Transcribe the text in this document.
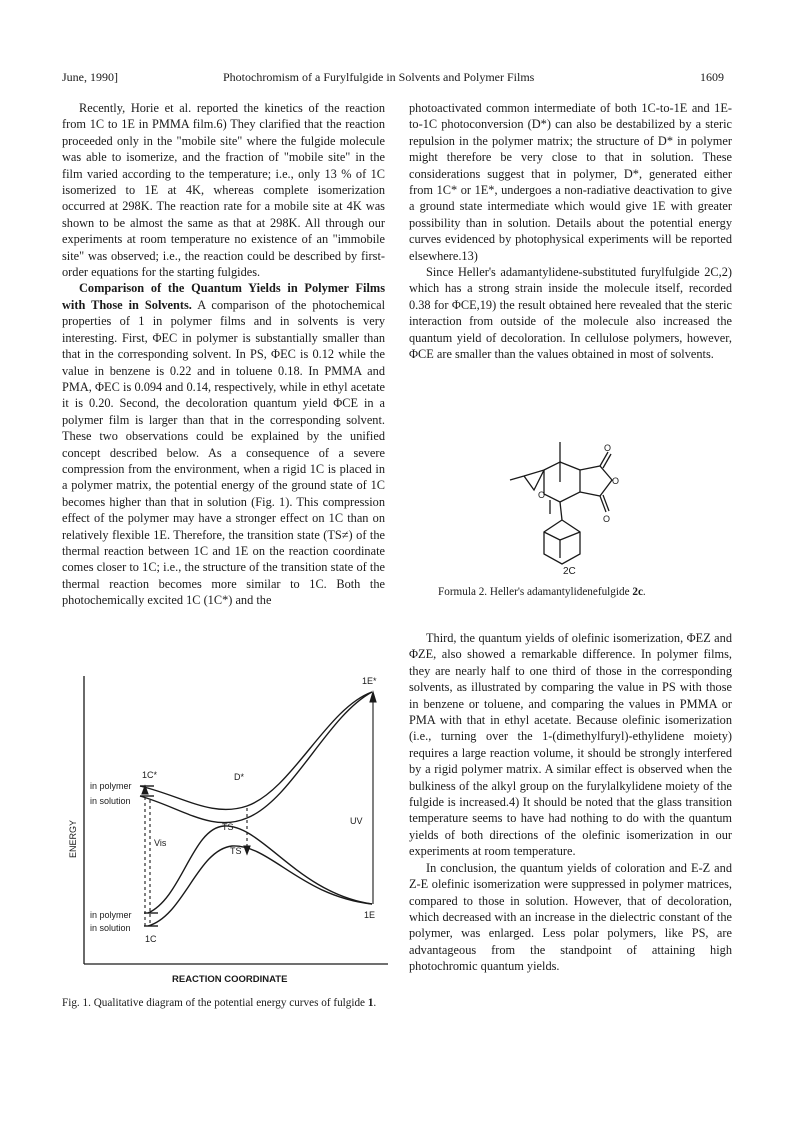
June, 1990]	Photochromism of a Furylfulgide in Solvents and Polymer Films	1609

Recently, Horie et al. reported the kinetics of the reaction from 1C to 1E in PMMA film.6) They clarified that the reaction proceeded only in the "mobile site" where the fulgide molecule was able to isomerize, and the fraction of "mobile site" in the film varied according to the temperature; i.e., only 13 % of 1C isomerized to 1E at 4K, whereas complete isomerization occurred at 298K. The reaction rate for a mobile site at 4K was shown to be almost the same as that at 298K. All through our experiments at room temperature no existence of an "immobile site" was observed; i.e., the reaction could be described by first-order equations for the starting fulgides.

Comparison of the Quantum Yields in Polymer Films with Those in Solvents. A comparison of the photochemical properties of 1 in polymer films and in solvents is very interesting. First, ΦEC in polymer is substantially smaller than that in the corresponding solvent. In PS, ΦEC is 0.12 while the value in benzene is 0.22 and in toluene 0.18. In PMMA and PMA, ΦEC is 0.094 and 0.14, respectively, while in ethyl acetate it is 0.20. Second, the decoloration quantum yield ΦCE in a polymer film is larger than that in the corresponding solvent. These two observations could be explained by the unified concept described below. As a consequence of a severe compression from the environment, when a rigid 1C is placed in a polymer matrix, the potential energy of the ground state of 1C becomes higher than that in solution (Fig. 1). This compression effect of the polymer may have a stronger effect on 1C than on relatively flexible 1E. Therefore, the transition state (TS≠) of the thermal reaction between 1C and 1E on the reaction coordinate comes closer to 1C; i.e., the structure of the transition state of the thermal reaction becomes more similar to 1C. Both the photochemically excited 1C (1C*) and the

photoactivated common intermediate of both 1C-to-1E and 1E-to-1C photoconversion (D*) can also be destabilized by a steric repulsion in the polymer matrix; the structure of D* in polymer might therefore be very close to that in solution. These considerations suggest that in polymer, D*, generated either from 1C* or 1E*, undergoes a non-radiative deactivation to give a ground state intermediate which would give 1E with greater possibility than in solution. Details about the potential energy curves evidenced by photophysical experiments will be reported elsewhere.13)

Since Heller's adamantylidene-substituted furylfulgide 2C,2) which has a strong strain inside the molecule itself, recorded 0.38 for ΦCE,19) the result obtained here revealed that the steric interaction from outside of the molecule also increased the quantum yield of decoloration. In cellulose polymers, however, ΦCE are smaller than the values obtained in most of solvents.

O
O
O
O
2C
Formula 2. Heller's adamantylidenefulgide 2c.

Third, the quantum yields of olefinic isomerization, ΦEZ and ΦZE, also showed a remarkable difference. In polymer films, they are nearly half to one third of those in the corresponding solvents, as illustrated by comparing the value in PS with those in benzene or toluene, and comparing the values in PMMA or PMA with that in ethyl acetate. Because olefinic isomerization (i.e., turning over the 1-(dimethylfuryl)-ethylidene moiety) requires a large reaction volume, it should be strongly interfered by a rigid polymer matrix. A similar effect is observed when the bulkiness of the alkyl group on the furylalkylidene moiety of the fulgide is increased.4) It should be noted that the glass transition temperature seems to have had nothing to do with the quantum yields of both directions of the olefinic isomerization in our experiments at room temperature.

In conclusion, the quantum yields of coloration and E-Z and Z-E olefinic isomerization were suppressed in polymer matrices, compared to those in solution. However, that of decoloration, which decreased with an increase in the dielectric constant of the polymer, was enlarged. Less polar polymers, like PS, are advantageous from the standpoint of attaining high photochromic quantum yields.

ENERGY
REACTION COORDINATE
1C*	D*
1E*
in polymer
in solution
TS
TS
Vis
UV
1E
in polymer
in solution
1C
Fig. 1. Qualitative diagram of the potential energy curves of fulgide 1.
